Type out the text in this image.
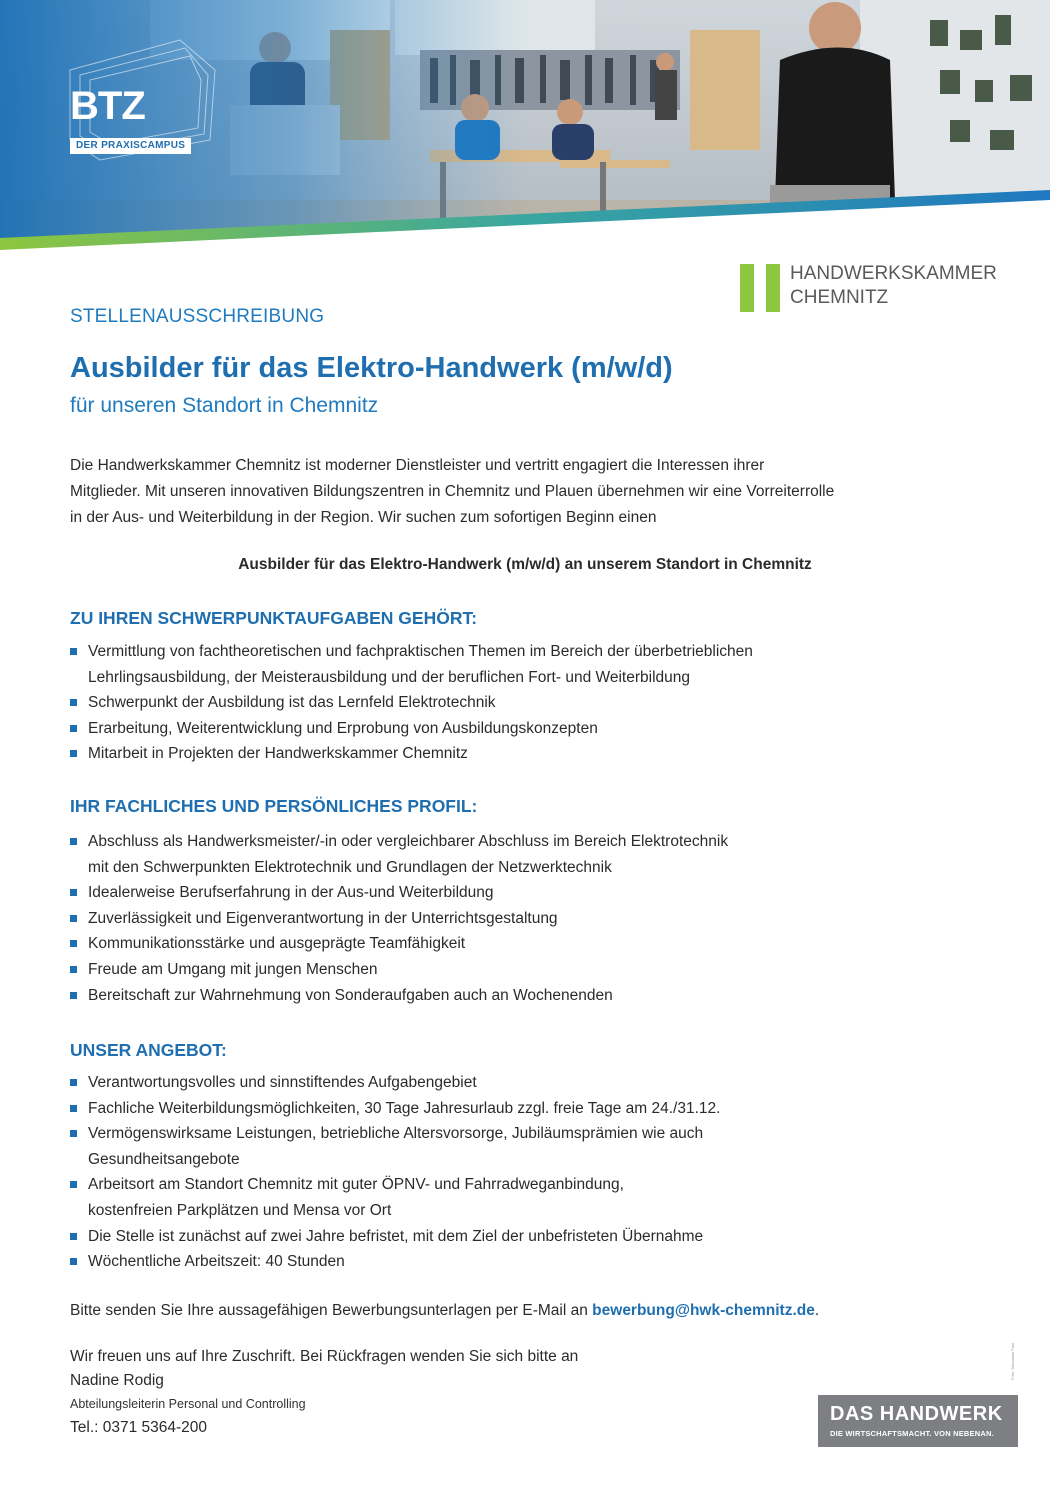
BTZ
DER PRAXISCAMPUS
HANDWERKSKAMMER
CHEMNITZ
STELLENAUSSCHREIBUNG
Ausbilder für das Elektro-Handwerk (m/w/d)
für unseren Standort in Chemnitz
Die Handwerkskammer Chemnitz ist moderner Dienstleister und vertritt engagiert die Interessen ihrer
Mitglieder. Mit unseren innovativen Bildungszentren in Chemnitz und Plauen übernehmen wir eine Vorreiterrolle
in der Aus- und Weiterbildung in der Region. Wir suchen zum sofortigen Beginn einen
Ausbilder für das Elektro-Handwerk (m/w/d) an unserem Standort in Chemnitz
ZU IHREN SCHWERPUNKTAUFGABEN GEHÖRT:
Vermittlung von fachtheoretischen und fachpraktischen Themen im Bereich der überbetrieblichen
Lehrlingsausbildung, der Meisterausbildung und der beruflichen Fort- und Weiterbildung
Schwerpunkt der Ausbildung ist das Lernfeld Elektrotechnik
Erarbeitung, Weiterentwicklung und Erprobung von Ausbildungskonzepten
Mitarbeit in Projekten der Handwerkskammer Chemnitz
IHR FACHLICHES UND PERSÖNLICHES PROFIL:
Abschluss als Handwerksmeister/-in oder vergleichbarer Abschluss im Bereich Elektrotechnik
mit den Schwerpunkten Elektrotechnik und Grundlagen der Netzwerktechnik
Idealerweise Berufserfahrung in der Aus-und Weiterbildung
Zuverlässigkeit und Eigenverantwortung in der Unterrichtsgestaltung
Kommunikationsstärke und ausgeprägte Teamfähigkeit
Freude am Umgang mit jungen Menschen
Bereitschaft zur Wahrnehmung von Sonderaufgaben auch an Wochenenden
UNSER ANGEBOT:
Verantwortungsvolles und sinnstiftendes Aufgabengebiet
Fachliche Weiterbildungsmöglichkeiten, 30 Tage Jahresurlaub zzgl. freie Tage am 24./31.12.
Vermögenswirksame Leistungen, betriebliche Altersvorsorge, Jubiläumsprämien wie auch
Gesundheitsangebote
Arbeitsort am Standort Chemnitz mit guter ÖPNV- und Fahrradweganbindung,
kostenfreien Parkplätzen und Mensa vor Ort
Die Stelle ist zunächst auf zwei Jahre befristet, mit dem Ziel der unbefristeten Übernahme
Wöchentliche Arbeitszeit: 40 Stunden
Bitte senden Sie Ihre aussagefähigen Bewerbungsunterlagen per E-Mail an bewerbung@hwk-chemnitz.de.
Wir freuen uns auf Ihre Zuschrift. Bei Rückfragen wenden Sie sich bitte an
Nadine Rodig
Abteilungsleiterin Personal und Controlling
Tel.: 0371 5364-200
Foto: Sebastian Paul
DAS HANDWERK
DIE WIRTSCHAFTSMACHT. VON NEBENAN.
